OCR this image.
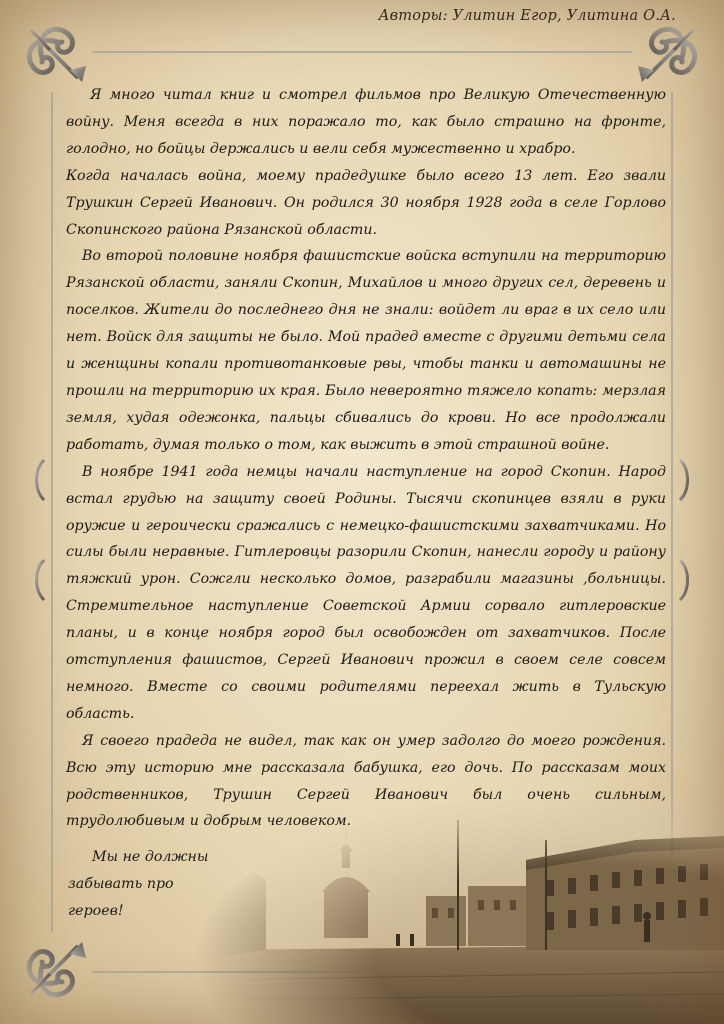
Авторы: Улитин Егор, Улитина О.А.

Я много читал книг и смотрел фильмов про Великую Отечественную войну. Меня всегда в них поражало то, как было страшно на фронте, голодно, но бойцы держались и вели себя мужественно и храбро.

Когда началась война, моему прадедушке было всего 13 лет. Его звали Трушкин Сергей Иванович. Он родился 30 ноября 1928 года в селе Горлово Скопинского района Рязанской области.

Во второй половине ноября фашистские войска вступили на территорию Рязанской области, заняли Скопин, Михайлов и много других сел, деревень и поселков. Жители до последнего дня не знали: войдет ли враг в их село или нет. Войск для защиты не было. Мой прадед вместе с другими детьми села и женщины копали противотанковые рвы, чтобы танки и автомашины не прошли на территорию их края. Было невероятно тяжело копать: мерзлая земля, худая одежонка, пальцы сбивались до крови. Но все продолжали работать, думая только о том, как выжить в этой страшной войне.

В ноябре 1941 года немцы начали наступление на город Скопин. Народ встал грудью на защиту своей Родины. Тысячи скопинцев взяли в руки оружие и героически сражались с немецко-фашистскими захватчиками. Но силы были неравные. Гитлеровцы разорили Скопин, нанесли городу и району тяжкий урон. Сожгли несколько домов, разграбили магазины ,больницы. Стремительное наступление Советской Армии сорвало гитлеровские планы, и в конце ноября город был освобожден от захватчиков. После отступления фашистов, Сергей Иванович прожил в своем селе совсем немного. Вместе со своими родителями переехал жить в Тульскую область.

Я своего прадеда не видел, так как он умер задолго до моего рождения. Всю эту историю мне рассказала бабушка, его дочь. По рассказам моих родственников, Трушин Сергей Иванович был очень сильным, трудолюбивым и добрым человеком.

Мы не должны
забывать про
героев!
